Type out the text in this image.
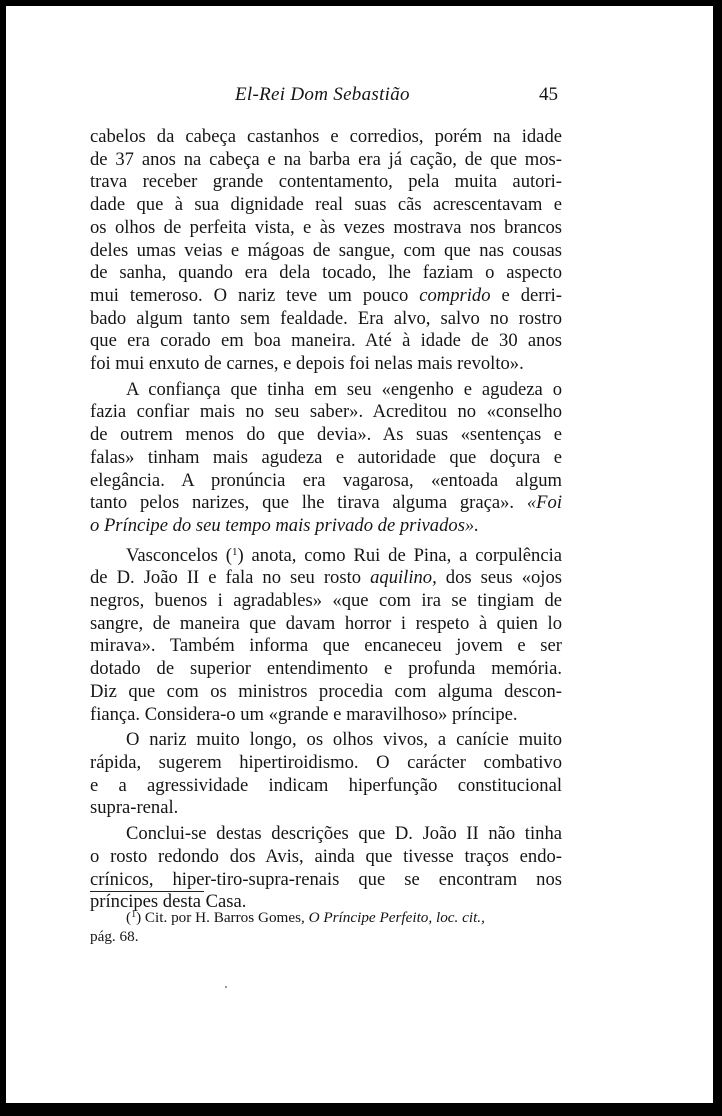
El-Rei Dom Sebastião	45
cabelos da cabeça castanhos e corredios, porém na idade
de 37 anos na cabeça e na barba era já cação, de que mos-
trava receber grande contentamento, pela muita autori-
dade que à sua dignidade real suas cãs acrescentavam e
os olhos de perfeita vista, e às vezes mostrava nos brancos
deles umas veias e mágoas de sangue, com que nas cousas
de sanha, quando era dela tocado, lhe faziam o aspecto
mui temeroso. O nariz teve um pouco comprido e derri-
bado algum tanto sem fealdade. Era alvo, salvo no rostro
que era corado em boa maneira. Até à idade de 30 anos
foi mui enxuto de carnes, e depois foi nelas mais revolto».
A confiança que tinha em seu «engenho e agudeza o
fazia confiar mais no seu saber». Acreditou no «conselho
de outrem menos do que devia». As suas «sentenças e
falas» tinham mais agudeza e autoridade que doçura e
elegância. A pronúncia era vagarosa, «entoada algum
tanto pelos narizes, que lhe tirava alguma graça». «Foi
o Príncipe do seu tempo mais privado de privados».
Vasconcelos ($^1$) anota, como Rui de Pina, a corpulência
de D. João II e fala no seu rosto aquilino, dos seus «ojos
negros, buenos i agradables» «que com ira se tingiam de
sangre, de maneira que davam horror i respeto à quien lo
mirava». Também informa que encaneceu jovem e ser
dotado de superior entendimento e profunda memória.
Diz que com os ministros procedia com alguma descon-
fiança. Considera-o um «grande e maravilhoso» príncipe.
O nariz muito longo, os olhos vivos, a canície muito
rápida, sugerem hipertiroidismo. O carácter combativo
e a agressividade indicam hiperfunção constitucional
supra-renal.
Conclui-se destas descrições que D. João II não tinha
o rosto redondo dos Avis, ainda que tivesse traços endo-
crínicos, hiper-tiro-supra-renais que se encontram nos
príncipes desta Casa.
($^1$) Cit. por H. Barros Gomes, O Príncipe Perfeito, loc. cit.,
pág. 68.
